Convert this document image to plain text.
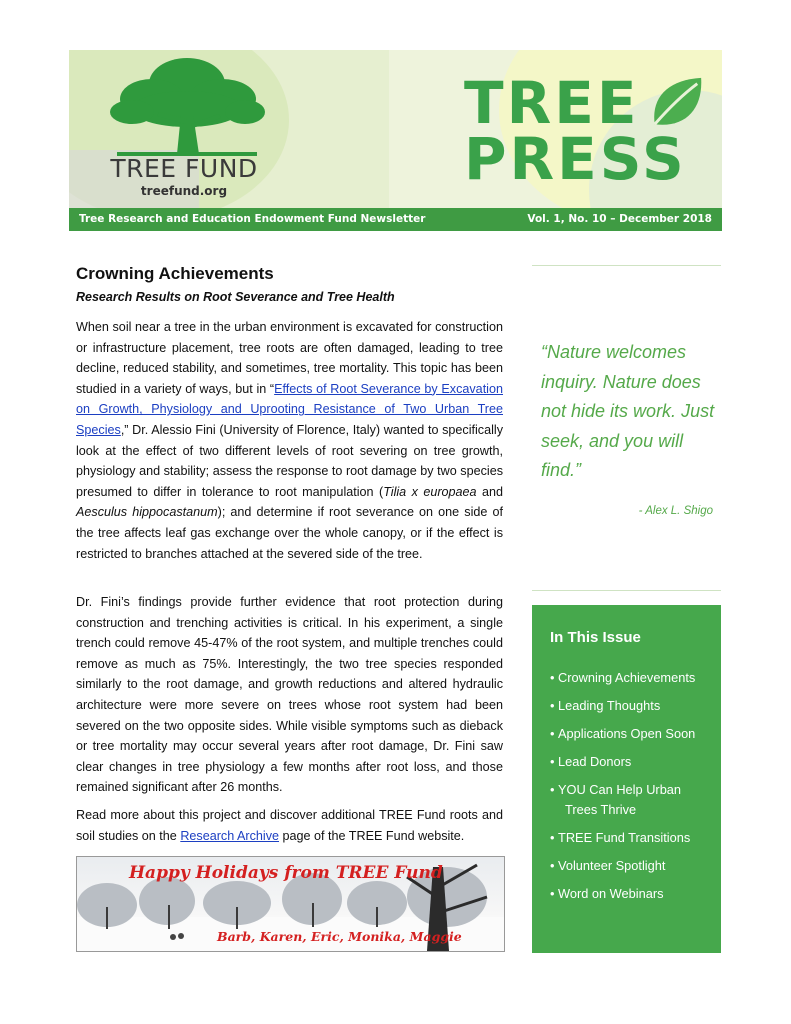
TREE FUND
treefund.org
TREE
PRESS
Tree Research and Education Endowment Fund Newsletter	Vol. 1, No. 10 – December 2018
Crowning Achievements
Research Results on Root Severance and Tree Health
When soil near a tree in the urban environment is excavated for construction or infrastructure placement, tree roots are often damaged, leading to tree decline, reduced stability, and sometimes, tree mortality. This topic has been studied in a variety of ways, but in “Effects of Root Severance by Excavation on Growth, Physiology and Uprooting Resistance of Two Urban Tree Species,” Dr. Alessio Fini (University of Florence, Italy) wanted to specifically look at the effect of two different levels of root severing on tree growth, physiology and stability; assess the response to root damage by two species presumed to differ in tolerance to root manipulation (Tilia x europaea and Aesculus hippocastanum); and determine if root severance on one side of the tree affects leaf gas exchange over the whole canopy, or if the effect is restricted to branches attached at the severed side of the tree.
Dr. Fini’s findings provide further evidence that root protection during construction and trenching activities is critical. In his experiment, a single trench could remove 45-47% of the root system, and multiple trenches could remove as much as 75%. Interestingly, the two tree species responded similarly to the root damage, and growth reductions and altered hydraulic architecture were more severe on trees whose root system had been severed on the two opposite sides. While visible symptoms such as dieback or tree mortality may occur several years after root damage, Dr. Fini saw clear changes in tree physiology a few months after root loss, and those remained significant after 26 months.
Read more about this project and discover additional TREE Fund roots and soil studies on the Research Archive page of the TREE Fund website.
Happy Holidays from TREE Fund
Barb, Karen, Eric, Monika, Maggie
“Nature welcomes inquiry. Nature does not hide its work. Just seek, and you will find.”
- Alex L. Shigo
In This Issue
• Crowning Achievements
• Leading Thoughts
• Applications Open Soon
• Lead Donors
• YOU Can Help Urban
Trees Thrive
• TREE Fund Transitions
• Volunteer Spotlight
• Word on Webinars
